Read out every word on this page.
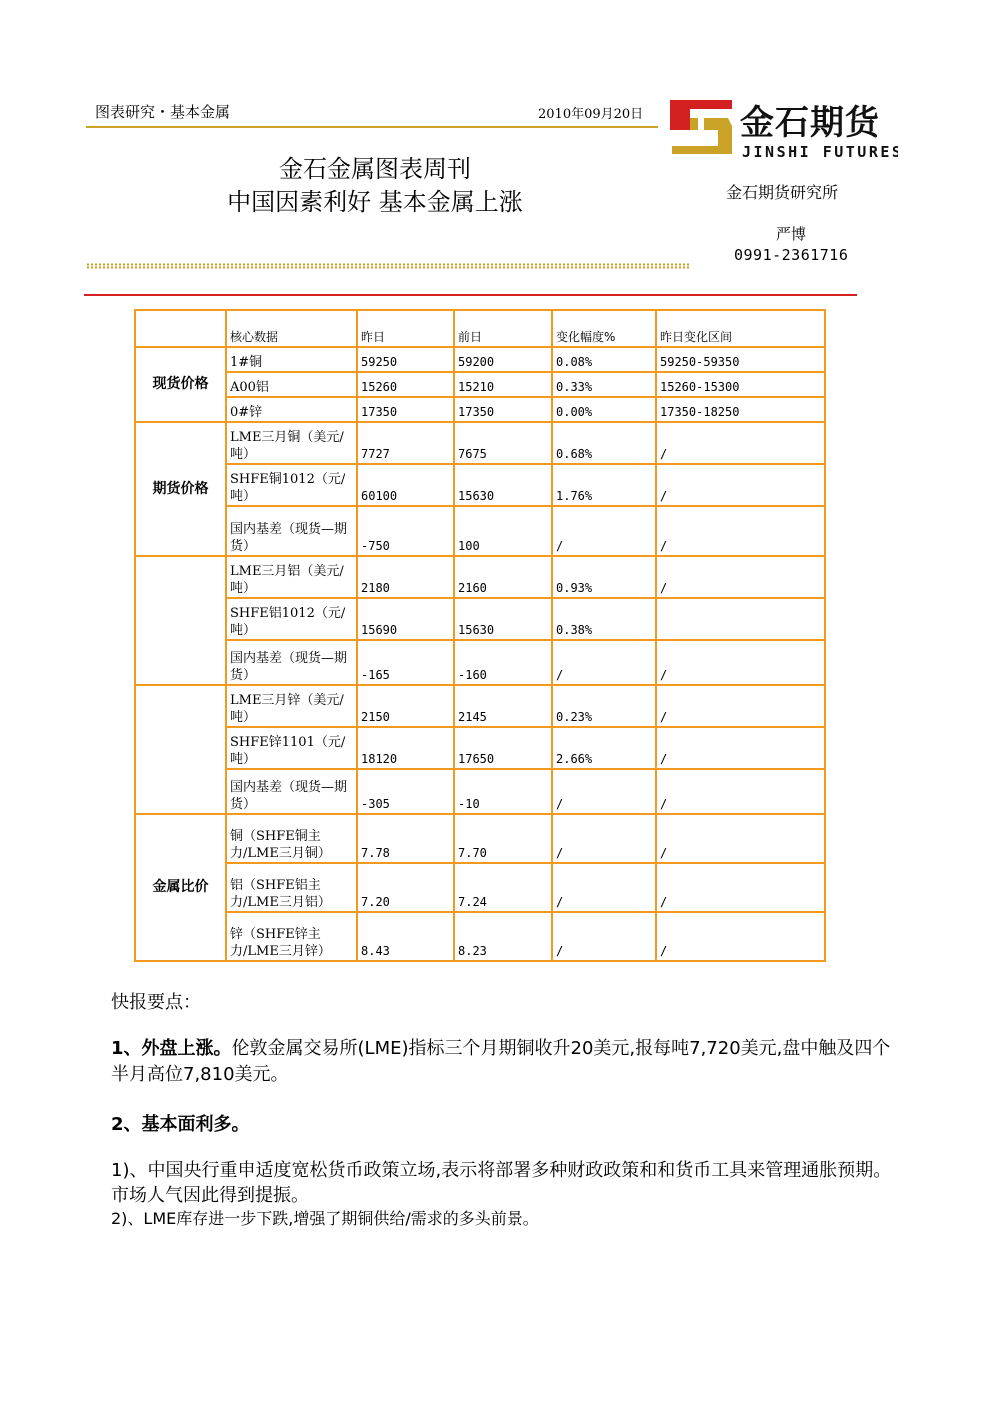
图表研究・基本金属	2010年09月20日	金石期货
JINSHI FUTURES
金石金属图表周刊
中国因素利好 基本金属上涨	金石期货研究所
严博
0991-2361716
	核心数据	昨日	前日	变化幅度%	昨日变化区间
现货价格	1#铜	59250	59200	0.08%	59250-59350
	A00铝	15260	15210	0.33%	15260-15300
	0#锌	17350	17350	0.00%	17350-18250
期货价格	LME三月铜（美元/吨）	7727	7675	0.68%	/
	SHFE铜1012（元/吨）	60100	15630	1.76%	/
	国内基差（现货—期货）	-750	100	/	/
	LME三月铝（美元/吨）	2180	2160	0.93%	/
	SHFE铝1012（元/吨）	15690	15630	0.38%	
	国内基差（现货—期货）	-165	-160	/	/
	LME三月锌（美元/吨）	2150	2145	0.23%	/
	SHFE锌1101（元/吨）	18120	17650	2.66%	/
	国内基差（现货—期货）	-305	-10	/	/
金属比价	铜（SHFE铜主力/LME三月铜）	7.78	7.70	/	/
	铝（SHFE铝主力/LME三月铝）	7.20	7.24	/	/
	锌（SHFE锌主力/LME三月锌）	8.43	8.23	/	/
快报要点：
1、外盘上涨。伦敦金属交易所(LME)指标三个月期铜收升20美元,报每吨7,720美元,盘中触及四个半月高位7,810美元。
2、基本面利多。
1)、中国央行重申适度宽松货币政策立场,表示将部署多种财政政策和和货币工具来管理通胀预期。市场人气因此得到提振。
2)、LME库存进一步下跌,增强了期铜供给/需求的多头前景。
